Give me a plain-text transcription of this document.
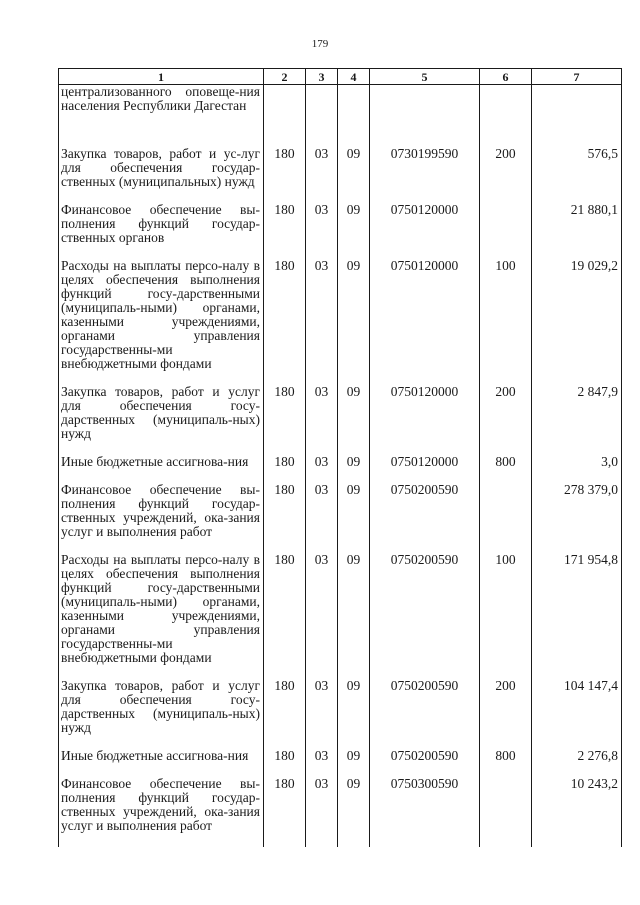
179
1	2	3	4	5	6	7
централизованного оповеще-ния населения Республики Дагестан						
Закупка товаров, работ и ус-луг для обеспечения государ-ственных (муниципальных) нужд	180	03	09	0730199590	200	576,5
Финансовое обеспечение вы-полнения функций государ-ственных органов	180	03	09	0750120000		21 880,1
Расходы на выплаты персо-налу в целях обеспечения выполнения функций госу-дарственными (муниципаль-ными) органами, казенными учреждениями, органами управления государственны-ми внебюджетными фондами	180	03	09	0750120000	100	19 029,2
Закупка товаров, работ и услуг для обеспечения госу-дарственных (муниципаль-ных) нужд	180	03	09	0750120000	200	2 847,9
Иные бюджетные ассигнова-ния	180	03	09	0750120000	800	3,0
Финансовое обеспечение вы-полнения функций государ-ственных учреждений, ока-зания услуг и выполнения работ	180	03	09	0750200590		278 379,0
Расходы на выплаты персо-налу в целях обеспечения выполнения функций госу-дарственными (муниципаль-ными) органами, казенными учреждениями, органами управления государственны-ми внебюджетными фондами	180	03	09	0750200590	100	171 954,8
Закупка товаров, работ и услуг для обеспечения госу-дарственных (муниципаль-ных) нужд	180	03	09	0750200590	200	104 147,4
Иные бюджетные ассигнова-ния	180	03	09	0750200590	800	2 276,8
Финансовое обеспечение вы-полнения функций государ-ственных учреждений, ока-зания услуг и выполнения работ	180	03	09	0750300590		10 243,2
